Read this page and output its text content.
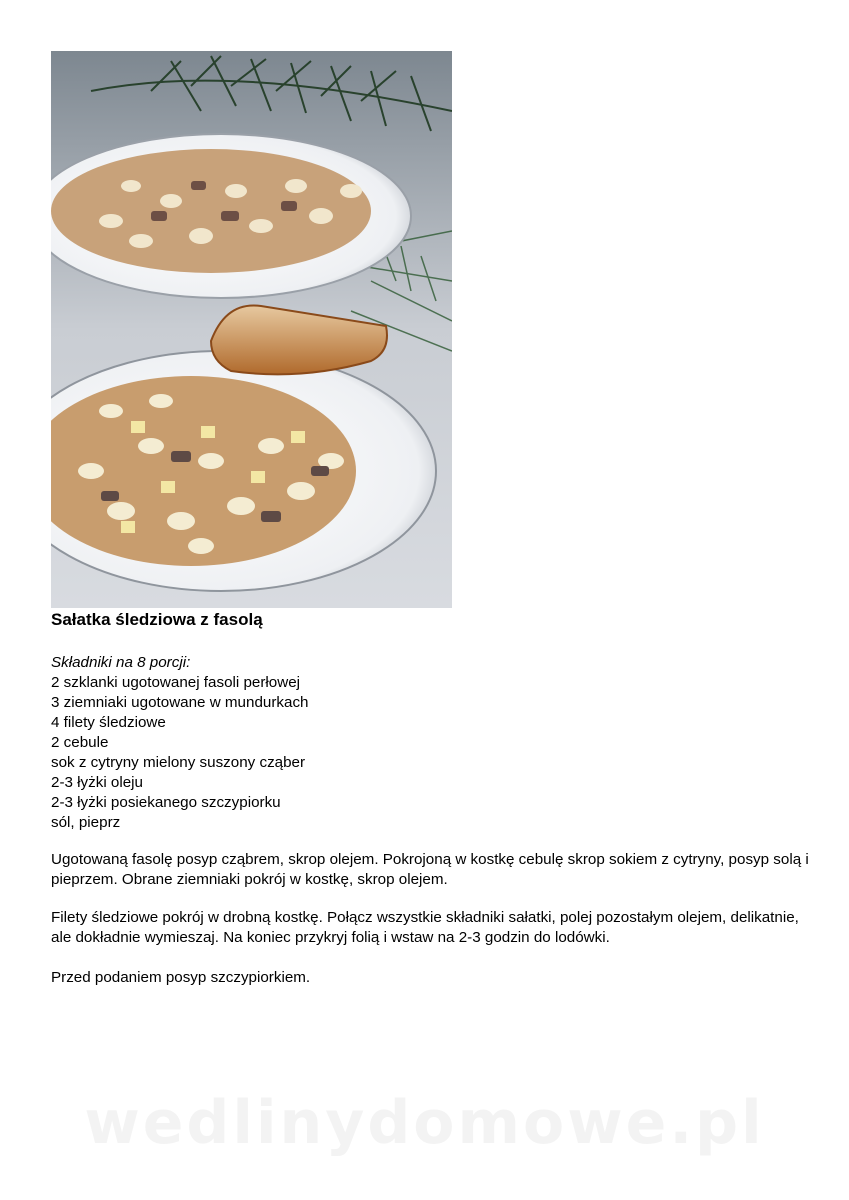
Sałatka śledziowa z fasolą
Składniki na 8 porcji:
2 szklanki ugotowanej fasoli perłowej
3 ziemniaki ugotowane w mundurkach
4 filety śledziowe
2 cebule
sok z cytryny mielony suszony cząber
2-3 łyżki oleju
2-3 łyżki posiekanego szczypiorku
sól, pieprz

Ugotowaną fasolę posyp cząbrem, skrop olejem. Pokrojoną w kostkę cebulę skrop sokiem z cytryny, posyp solą i pieprzem. Obrane ziemniaki pokrój w kostkę, skrop olejem.

Filety śledziowe pokrój w drobną kostkę. Połącz wszystkie składniki sałatki, polej pozostałym olejem, delikatnie, ale dokładnie wymieszaj. Na koniec przykryj folią i wstaw na 2-3 godzin do lodówki.

Przed podaniem posyp szczypiorkiem.

wedlinydomowe.pl
